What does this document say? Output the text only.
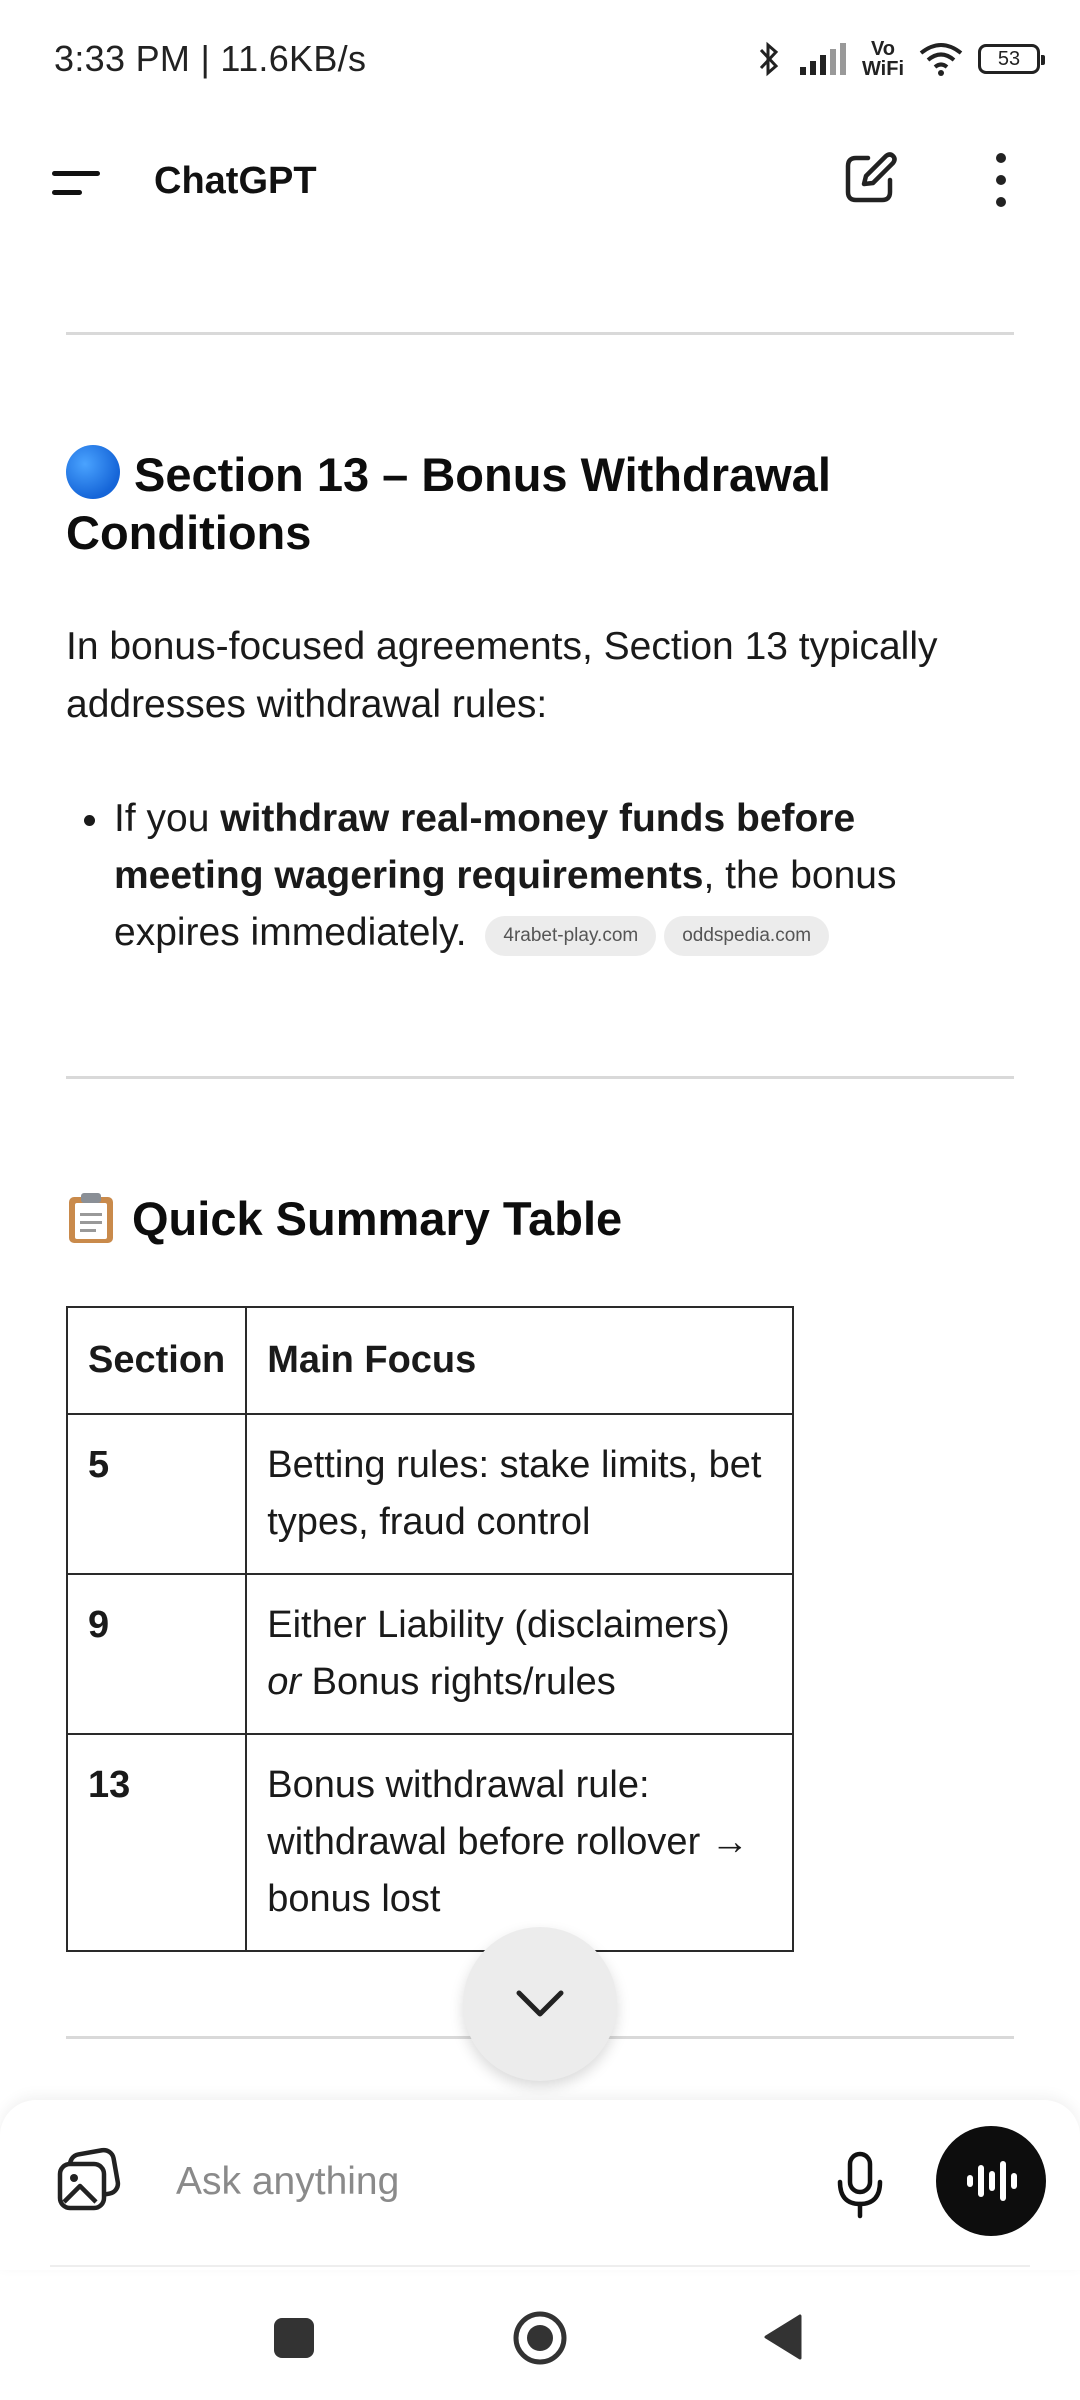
3:33 PM | 11.6KB/s	Vo
WiFi	53
ChatGPT
Section 13 – Bonus Withdrawal Conditions
In bonus-focused agreements, Section 13 typically addresses withdrawal rules:
If you withdraw real-money funds before meeting wagering requirements, the bonus expires immediately. 4rabet-play.com oddspedia.com
Quick Summary Table
Section	Main Focus
5	Betting rules: stake limits, bet types, fraud control
9	Either Liability (disclaimers) or Bonus rights/rules
13	Bonus withdrawal rule: withdrawal before rollover → bonus lost
Ask anything
